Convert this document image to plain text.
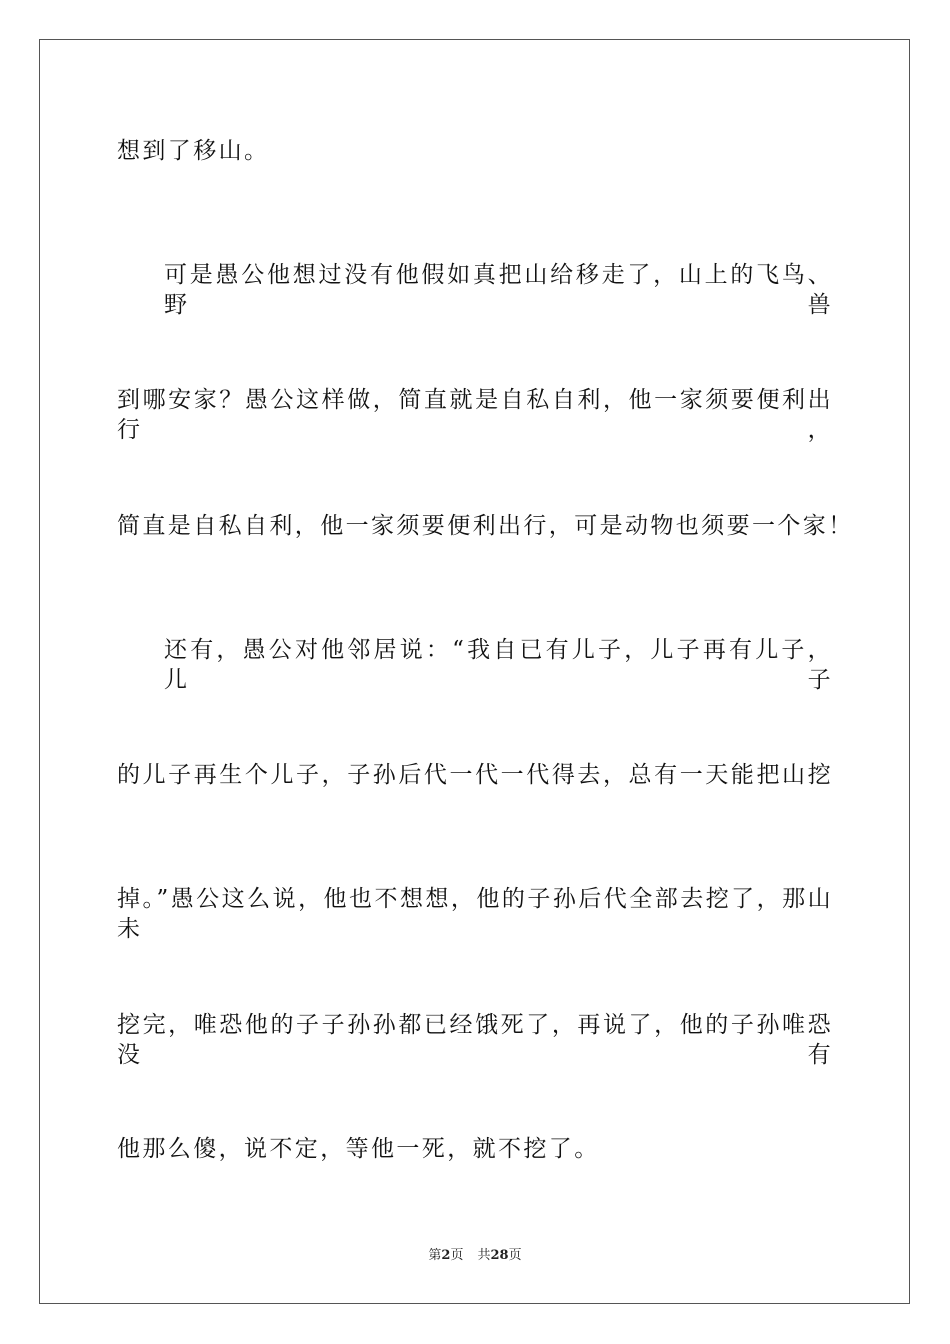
想到了移山。
可是愚公他想过没有他假如真把山给移走了，山上的飞鸟、野兽
到哪安家？愚公这样做，简直就是自私自利，他一家须要便利出行，
简直是自私自利，他一家须要便利出行，可是动物也须要一个家！
还有，愚公对他邻居说：“我自已有儿子，儿子再有儿子，儿子
的儿子再生个儿子，子孙后代一代一代得去，总有一天能把山挖
掉。”愚公这么说，他也不想想，他的子孙后代全部去挖了，那山未
挖完，唯恐他的子子孙孙都已经饿死了，再说了，他的子孙唯恐没有
他那么傻，说不定，等他一死，就不挖了。
第2页 共28页
